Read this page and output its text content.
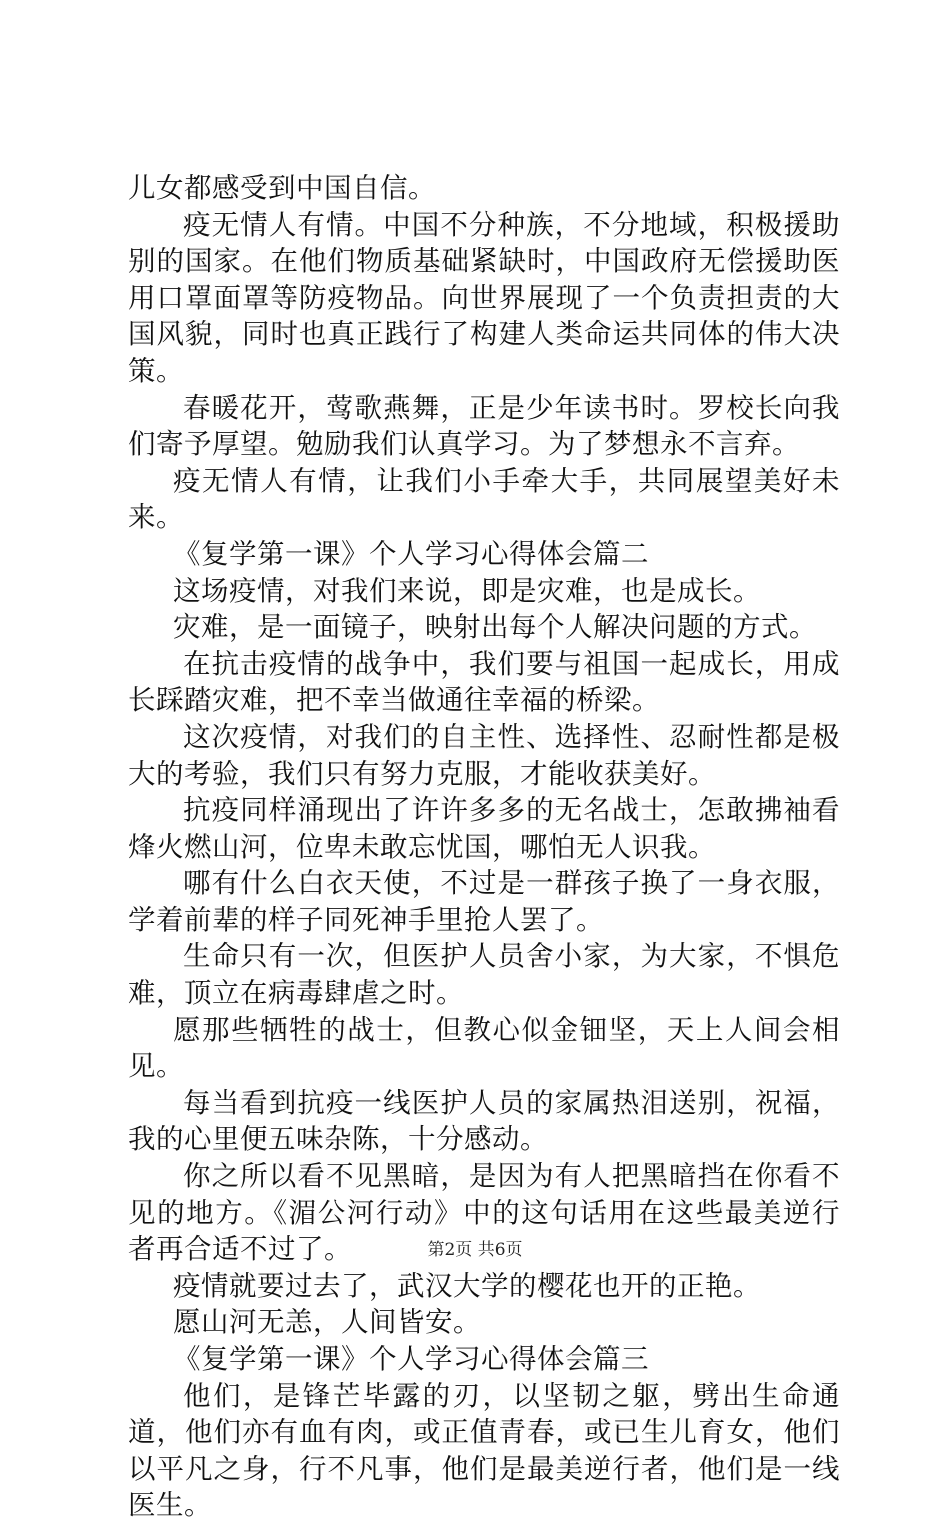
儿女都感受到中国自信。

疫无情人有情。中国不分种族，不分地域，积极援助别的国家。在他们物质基础紧缺时，中国政府无偿援助医用口罩面罩等防疫物品。向世界展现了一个负责担责的大国风貌，同时也真正践行了构建人类命运共同体的伟大决策。

春暖花开，莺歌燕舞，正是少年读书时。罗校长向我们寄予厚望。勉励我们认真学习。为了梦想永不言弃。

疫无情人有情，让我们小手牵大手，共同展望美好未来。

《复学第一课》个人学习心得体会篇二

这场疫情，对我们来说，即是灾难，也是成长。

灾难，是一面镜子，映射出每个人解决问题的方式。

在抗击疫情的战争中，我们要与祖国一起成长，用成长踩踏灾难，把不幸当做通往幸福的桥梁。

这次疫情，对我们的自主性、选择性、忍耐性都是极大的考验，我们只有努力克服，才能收获美好。

抗疫同样涌现出了许许多多的无名战士，怎敢拂袖看烽火燃山河，位卑未敢忘忧国，哪怕无人识我。

哪有什么白衣天使，不过是一群孩子换了一身衣服，学着前辈的样子同死神手里抢人罢了。

生命只有一次，但医护人员舍小家，为大家，不惧危难，顶立在病毒肆虐之时。

愿那些牺牲的战士，但教心似金钿坚，天上人间会相见。

每当看到抗疫一线医护人员的家属热泪送别，祝福，我的心里便五味杂陈，十分感动。

你之所以看不见黑暗，是因为有人把黑暗挡在你看不见的地方。《湄公河行动》中的这句话用在这些最美逆行者再合适不过了。

疫情就要过去了，武汉大学的樱花也开的正艳。

愿山河无恙，人间皆安。

《复学第一课》个人学习心得体会篇三

他们，是锋芒毕露的刃，以坚韧之躯，劈出生命通道，他们亦有血有肉，或正值青春，或已生儿育女，他们以平凡之身，行不凡事，他们是最美逆行者，他们是一线医生。

第2页 共6页
